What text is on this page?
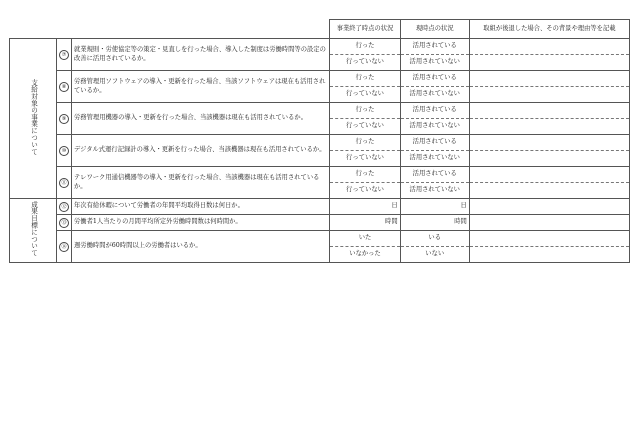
			事業終了時点の状況	現時点の状況	取組が後退した場合、その背景や理由等を記載
支給対象の事業について	⑦	就業規則・労使協定等の策定・見直しを行った場合、導入した制度は労働時間等の設定の改善に活用されているか。	行った	活用されている	
			行っていない	活用されていない	
	⑧	労務管理用ソフトウェアの導入・更新を行った場合、当該ソフトウェアは現在も活用されているか。	行った	活用されている	
			行っていない	活用されていない	
	⑨	労務管理用機器の導入・更新を行った場合、当該機器は現在も活用されているか。	行った	活用されている	
			行っていない	活用されていない	
	⑩	デジタル式運行記録計の導入・更新を行った場合、当該機器は現在も活用されているか。	行った	活用されている	
			行っていない	活用されていない	
	⑪	テレワーク用通信機器等の導入・更新を行った場合、当該機器は現在も活用されているか。	行った	活用されている	
			行っていない	活用されていない	
成果目標について	⑫	年次有給休暇について労働者の年間平均取得日数は何日か。	日	日	
	⑬	労働者1人当たりの月間平均所定外労働時間数は何時間か。	時間	時間	
	⑭	週労働時間が60時間以上の労働者はいるか。	いた	いる	
			いなかった	いない	
